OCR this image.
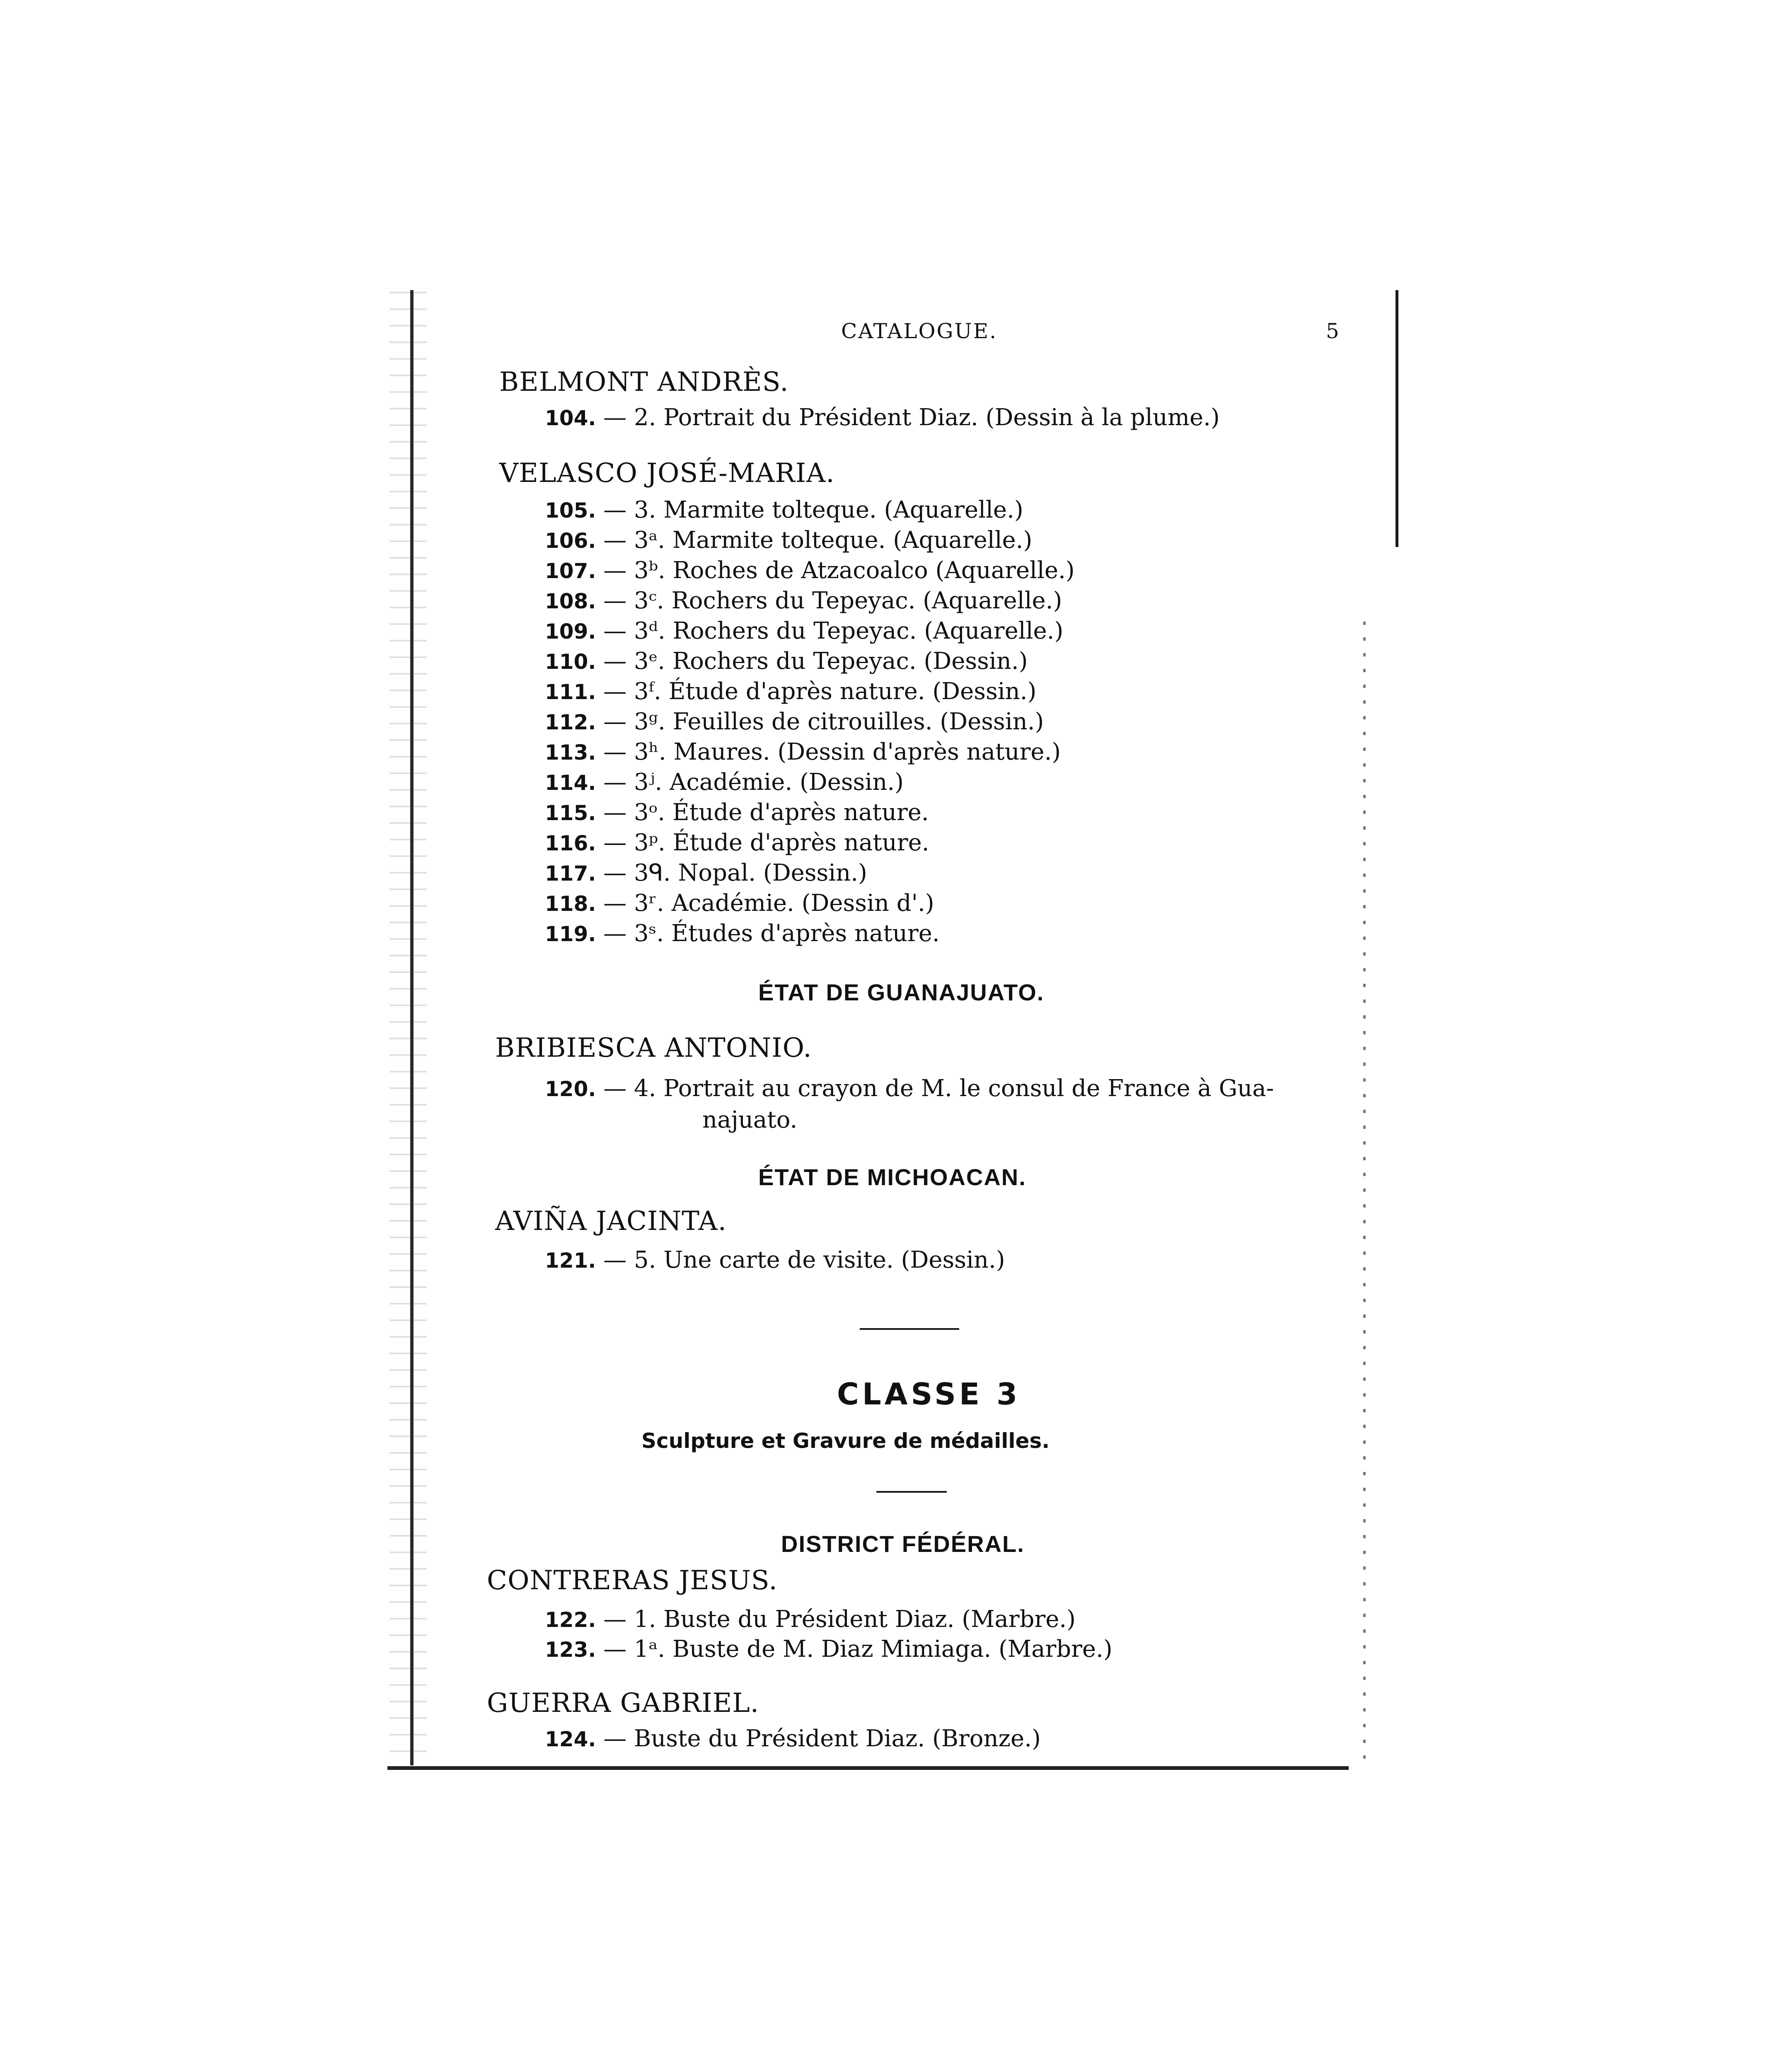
CATALOGUE.	5
BELMONT ANDRÈS.
104. — 2. Portrait du Président Diaz. (Dessin à la plume.)
VELASCO JOSÉ-MARIA.
105. — 3. Marmite tolteque. (Aquarelle.)
106. — 3ᵃ. Marmite tolteque. (Aquarelle.)
107. — 3ᵇ. Roches de Atzacoalco (Aquarelle.)
108. — 3ᶜ. Rochers du Tepeyac. (Aquarelle.)
109. — 3ᵈ. Rochers du Tepeyac. (Aquarelle.)
110. — 3ᵉ. Rochers du Tepeyac. (Dessin.)
111. — 3ᶠ. Étude d'après nature. (Dessin.)
112. — 3ᵍ. Feuilles de citrouilles. (Dessin.)
113. — 3ʰ. Maures. (Dessin d'après nature.)
114. — 3ʲ. Académie. (Dessin.)
115. — 3ᵒ. Étude d'après nature.
116. — 3ᵖ. Étude d'après nature.
117. — 3ᑫ. Nopal. (Dessin.)
118. — 3ʳ. Académie. (Dessin d'.)
119. — 3ˢ. Études d'après nature.
ÉTAT DE GUANAJUATO.
BRIBIESCA ANTONIO.
120. — 4. Portrait au crayon de M. le consul de France à Gua-
najuato.
ÉTAT DE MICHOACAN.
AVIÑA JACINTA.
121. — 5. Une carte de visite. (Dessin.)
CLASSE 3
Sculpture et Gravure de médailles.
DISTRICT FÉDÉRAL.
CONTRERAS JESUS.
122. — 1. Buste du Président Diaz. (Marbre.)
123. — 1ᵃ. Buste de M. Diaz Mimiaga. (Marbre.)
GUERRA GABRIEL.
124. — Buste du Président Diaz. (Bronze.)
